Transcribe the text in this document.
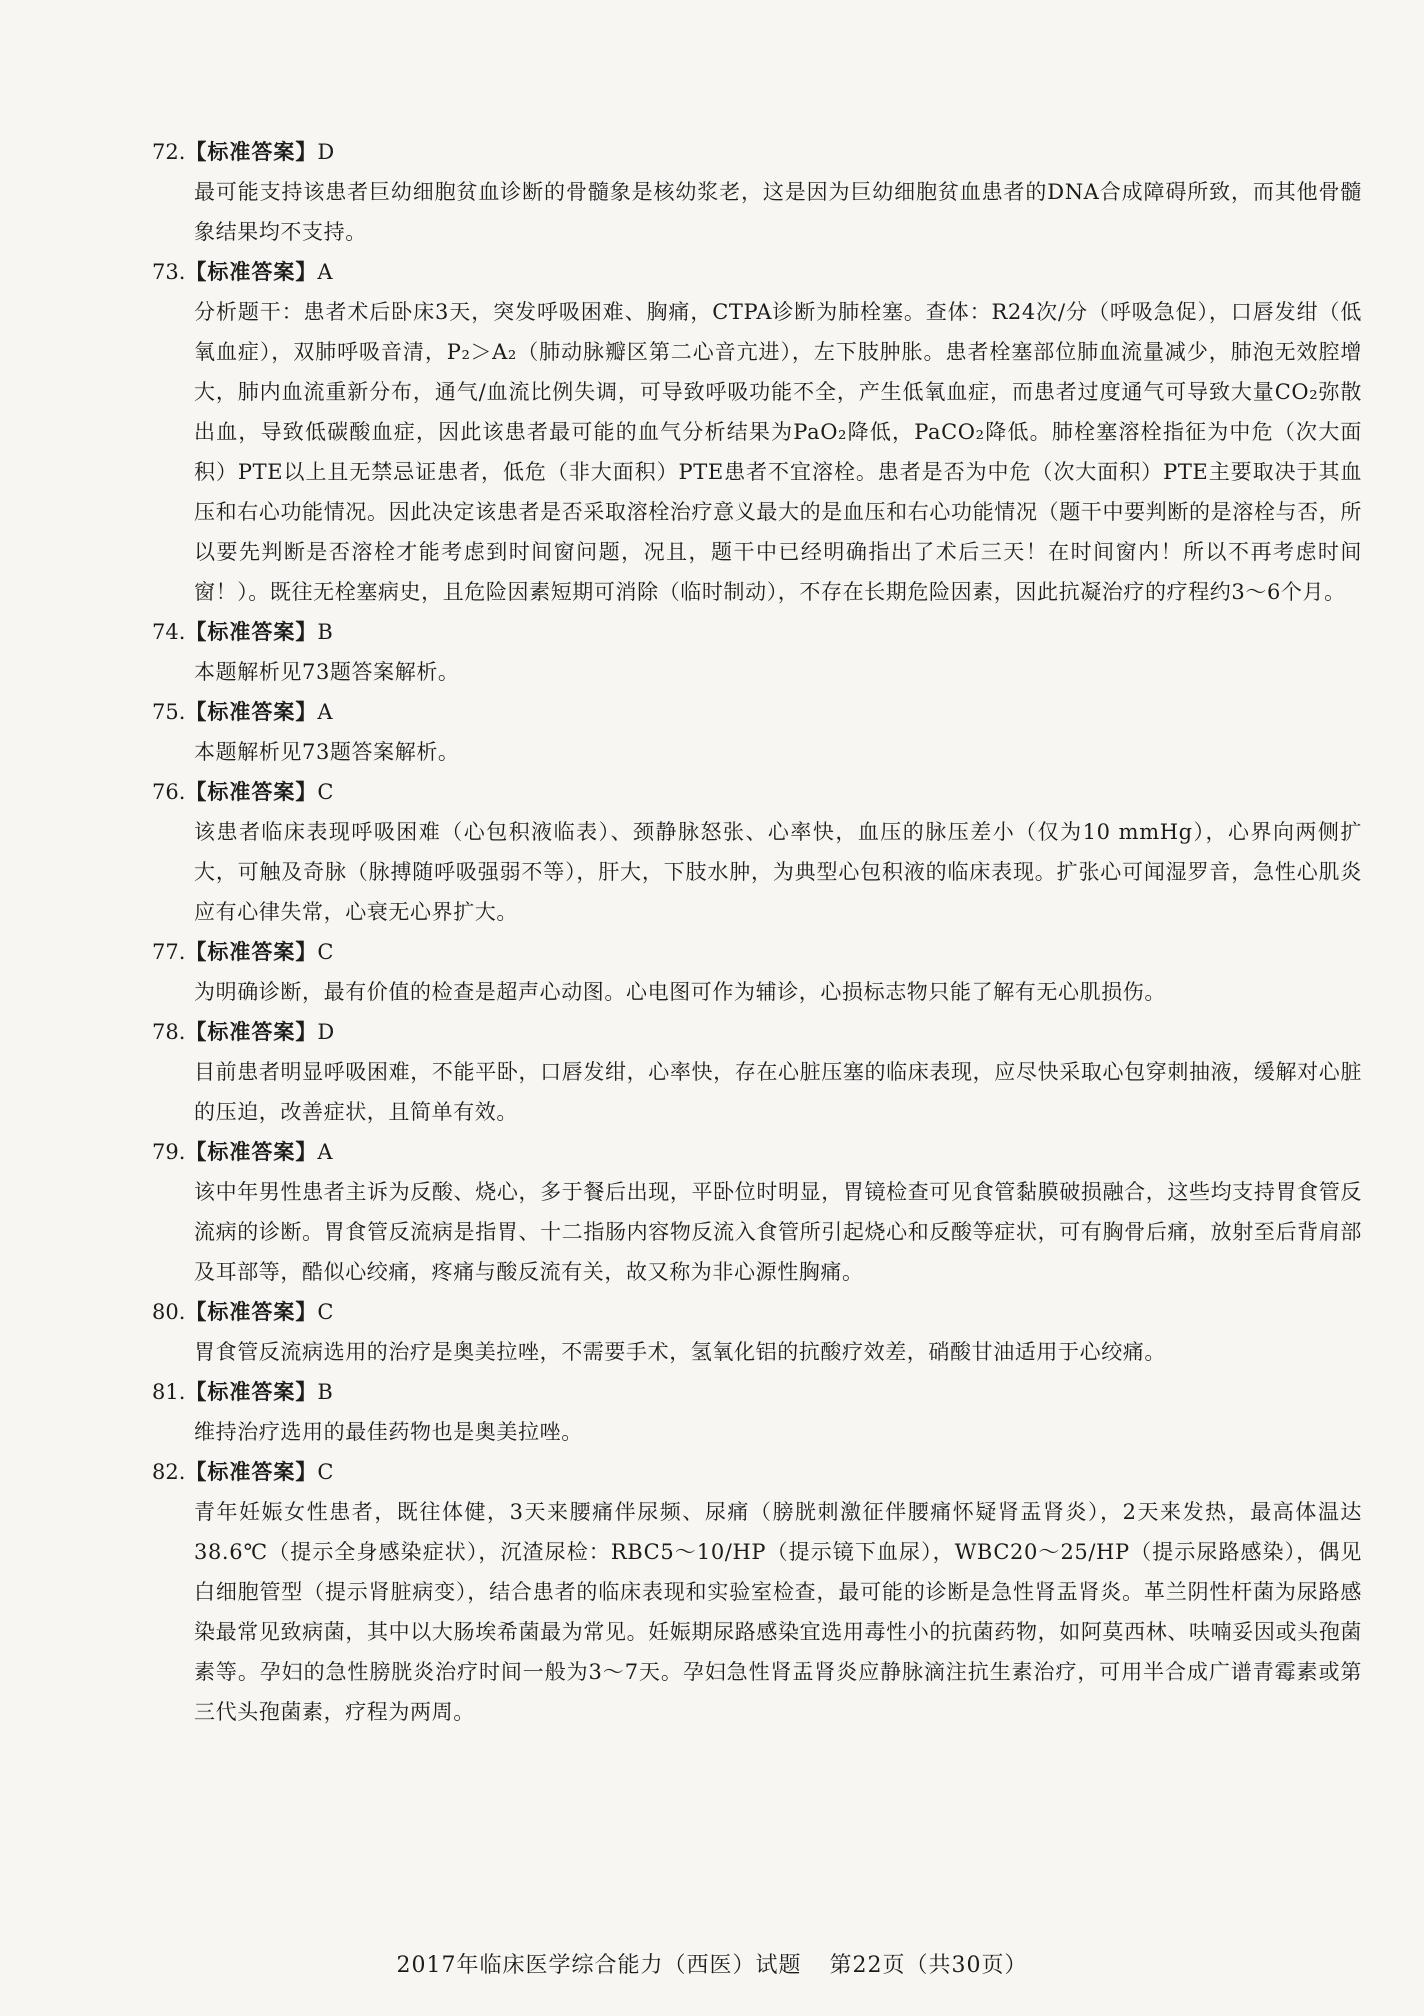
72.【标准答案】D
最可能支持该患者巨幼细胞贫血诊断的骨髓象是核幼浆老，这是因为巨幼细胞贫血患者的DNA合成障碍所致，而其他骨髓象结果均不支持。
73.【标准答案】A
分析题干：患者术后卧床3天，突发呼吸困难、胸痛，CTPA诊断为肺栓塞。查体：R24次/分（呼吸急促），口唇发绀（低氧血症），双肺呼吸音清，P₂＞A₂（肺动脉瓣区第二心音亢进），左下肢肿胀。患者栓塞部位肺血流量减少，肺泡无效腔增大，肺内血流重新分布，通气/血流比例失调，可导致呼吸功能不全，产生低氧血症，而患者过度通气可导致大量CO₂弥散出血，导致低碳酸血症，因此该患者最可能的血气分析结果为PaO₂降低，PaCO₂降低。肺栓塞溶栓指征为中危（次大面积）PTE以上且无禁忌证患者，低危（非大面积）PTE患者不宜溶栓。患者是否为中危（次大面积）PTE主要取决于其血压和右心功能情况。因此决定该患者是否采取溶栓治疗意义最大的是血压和右心功能情况（题干中要判断的是溶栓与否，所以要先判断是否溶栓才能考虑到时间窗问题，况且，题干中已经明确指出了术后三天！在时间窗内！所以不再考虑时间窗！）。既往无栓塞病史，且危险因素短期可消除（临时制动），不存在长期危险因素，因此抗凝治疗的疗程约3～6个月。
74.【标准答案】B
本题解析见73题答案解析。
75.【标准答案】A
本题解析见73题答案解析。
76.【标准答案】C
该患者临床表现呼吸困难（心包积液临表）、颈静脉怒张、心率快，血压的脉压差小（仅为10 mmHg），心界向两侧扩大，可触及奇脉（脉搏随呼吸强弱不等），肝大，下肢水肿，为典型心包积液的临床表现。扩张心可闻湿罗音，急性心肌炎应有心律失常，心衰无心界扩大。
77.【标准答案】C
为明确诊断，最有价值的检查是超声心动图。心电图可作为辅诊，心损标志物只能了解有无心肌损伤。
78.【标准答案】D
目前患者明显呼吸困难，不能平卧，口唇发绀，心率快，存在心脏压塞的临床表现，应尽快采取心包穿刺抽液，缓解对心脏的压迫，改善症状，且简单有效。
79.【标准答案】A
该中年男性患者主诉为反酸、烧心，多于餐后出现，平卧位时明显，胃镜检查可见食管黏膜破损融合，这些均支持胃食管反流病的诊断。胃食管反流病是指胃、十二指肠内容物反流入食管所引起烧心和反酸等症状，可有胸骨后痛，放射至后背肩部及耳部等，酷似心绞痛，疼痛与酸反流有关，故又称为非心源性胸痛。
80.【标准答案】C
胃食管反流病选用的治疗是奥美拉唑，不需要手术，氢氧化铝的抗酸疗效差，硝酸甘油适用于心绞痛。
81.【标准答案】B
维持治疗选用的最佳药物也是奥美拉唑。
82.【标准答案】C
青年妊娠女性患者，既往体健，3天来腰痛伴尿频、尿痛（膀胱刺激征伴腰痛怀疑肾盂肾炎），2天来发热，最高体温达38.6℃（提示全身感染症状），沉渣尿检：RBC5～10/HP（提示镜下血尿），WBC20～25/HP（提示尿路感染），偶见白细胞管型（提示肾脏病变），结合患者的临床表现和实验室检查，最可能的诊断是急性肾盂肾炎。革兰阴性杆菌为尿路感染最常见致病菌，其中以大肠埃希菌最为常见。妊娠期尿路感染宜选用毒性小的抗菌药物，如阿莫西林、呋喃妥因或头孢菌素等。孕妇的急性膀胱炎治疗时间一般为3～7天。孕妇急性肾盂肾炎应静脉滴注抗生素治疗，可用半合成广谱青霉素或第三代头孢菌素，疗程为两周。
2017年临床医学综合能力（西医）试题 第22页（共30页）
